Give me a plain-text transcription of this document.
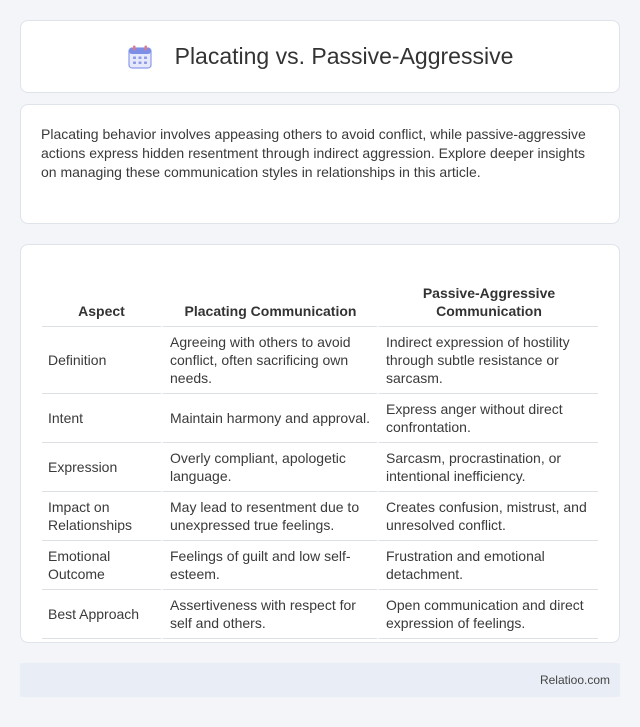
Placating vs. Passive-Aggressive

Placating behavior involves appeasing others to avoid conflict, while passive-aggressive actions express hidden resentment through indirect aggression. Explore deeper insights on managing these communication styles in relationships in this article.

Aspect	Placating Communication	Passive-Aggressive Communication
Definition	Agreeing with others to avoid conflict, often sacrificing own needs.	Indirect expression of hostility through subtle resistance or sarcasm.
Intent	Maintain harmony and approval.	Express anger without direct confrontation.
Expression	Overly compliant, apologetic language.	Sarcasm, procrastination, or intentional inefficiency.
Impact on Relationships	May lead to resentment due to unexpressed true feelings.	Creates confusion, mistrust, and unresolved conflict.
Emotional Outcome	Feelings of guilt and low self-esteem.	Frustration and emotional detachment.
Best Approach	Assertiveness with respect for self and others.	Open communication and direct expression of feelings.
Relatioo.com
